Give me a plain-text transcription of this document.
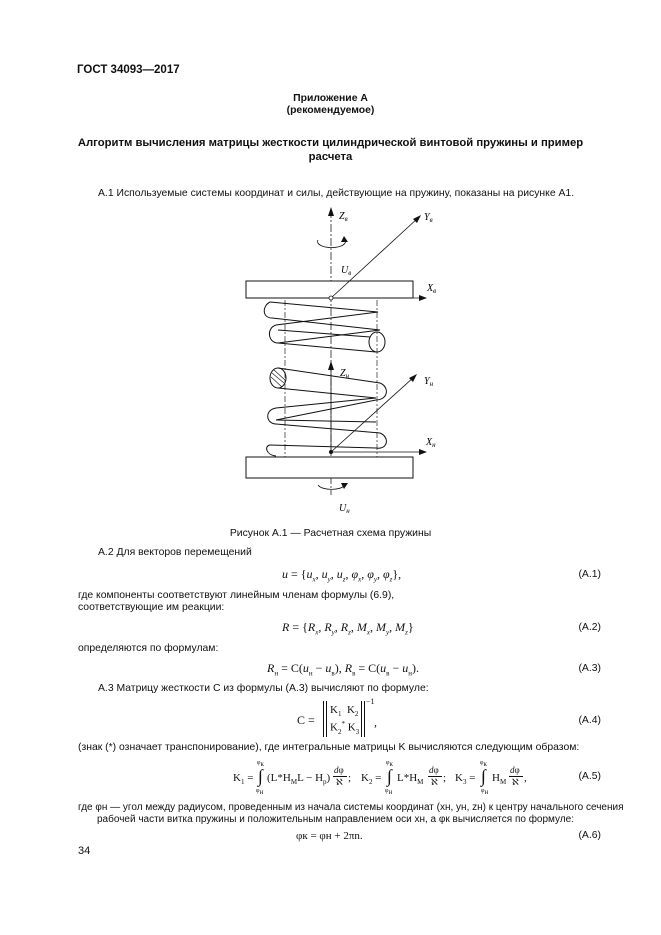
ГОСТ 34093—2017
Приложение А
(рекомендуемое)
Алгоритм вычисления матрицы жесткости цилиндрической винтовой пружины и пример
расчета
А.1 Используемые системы координат и силы, действующие на пружину, показаны на рисунке А1.
$Z_в$	$Y_в$
$X_в$
$U_в$
$Z_н$	$Y_н$
$X_н$
$U_н$
Рисунок А.1 — Расчетная схема пружины
А.2 Для векторов перемещений
$u = \{u_x$, $u_y$, $u_z$, $\varphi_x$, $\varphi_y$, $\varphi_z$},	(А.1)
где компоненты соответствуют линейным членам формулы (6.9),
соответствующие им реакции:
$R = \{R_x$, $R_y$, $R_z$, $M_x$, $M_y$, $M_z$}	(А.2)
определяются по формулам:
$R_н = C(u_н - u_в)$, $R_в = C(u_в - u_н)$.	(А.3)
А.3 Матрицу жесткости С из формулы (А.3) вычисляют по формуле:
C =
$K_1$  $K_2$
$K_2^*$ $K_3$
−1
,	(А.4)
(знак (*) означает транспонирование), где интегральные матрицы K вычисляются следующим образом:
$K_1$ =
$\varphi_к$
∫
$\varphi_н$
$(L*H_ML - H_p)$
dφ
ℵ ; $K_2$ =
$\varphi_к$
∫
$\varphi_н$
$L*H_M$
dφ
ℵ ; $K_3$ =
$\varphi_к$
∫
$\varphi_н$
$H_M$
dφ
ℵ ,	(А.5)
где φн — угол между радиусом, проведенным из начала системы координат (xн, yн, zн) к центру начального сечения
рабочей части витка пружины и положительным направлением оси xн, а φк вычисляется по формуле:
φк = φн + 2πn.	(А.6)
34
